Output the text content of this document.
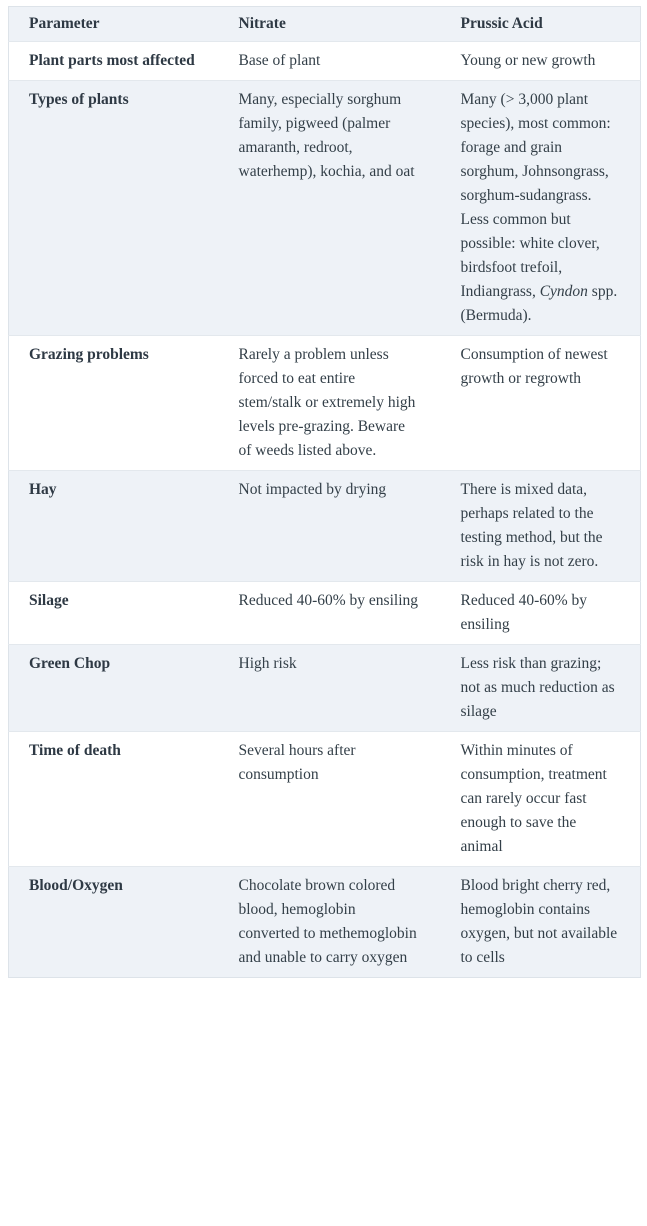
Parameter	Nitrate	Prussic Acid
Plant parts most affected	Base of plant	Young or new growth
Types of plants	Many, especially sorghum family, pigweed (palmer amaranth, redroot, waterhemp), kochia, and oat	Many (> 3,000 plant species), most common: forage and grain sorghum, Johnsongrass, sorghum-sudangrass. Less common but possible: white clover, birdsfoot trefoil, Indiangrass, Cyndon spp. (Bermuda).
Grazing problems	Rarely a problem unless forced to eat entire stem/stalk or extremely high levels pre-grazing. Beware of weeds listed above.	Consumption of newest growth or regrowth
Hay	Not impacted by drying	There is mixed data, perhaps related to the testing method, but the risk in hay is not zero.
Silage	Reduced 40-60% by ensiling	Reduced 40-60% by ensiling
Green Chop	High risk	Less risk than grazing; not as much reduction as silage
Time of death	Several hours after consumption	Within minutes of consumption, treatment can rarely occur fast enough to save the animal
Blood/Oxygen	Chocolate brown colored blood, hemoglobin converted to methemoglobin and unable to carry oxygen	Blood bright cherry red, hemoglobin contains oxygen, but not available to cells
